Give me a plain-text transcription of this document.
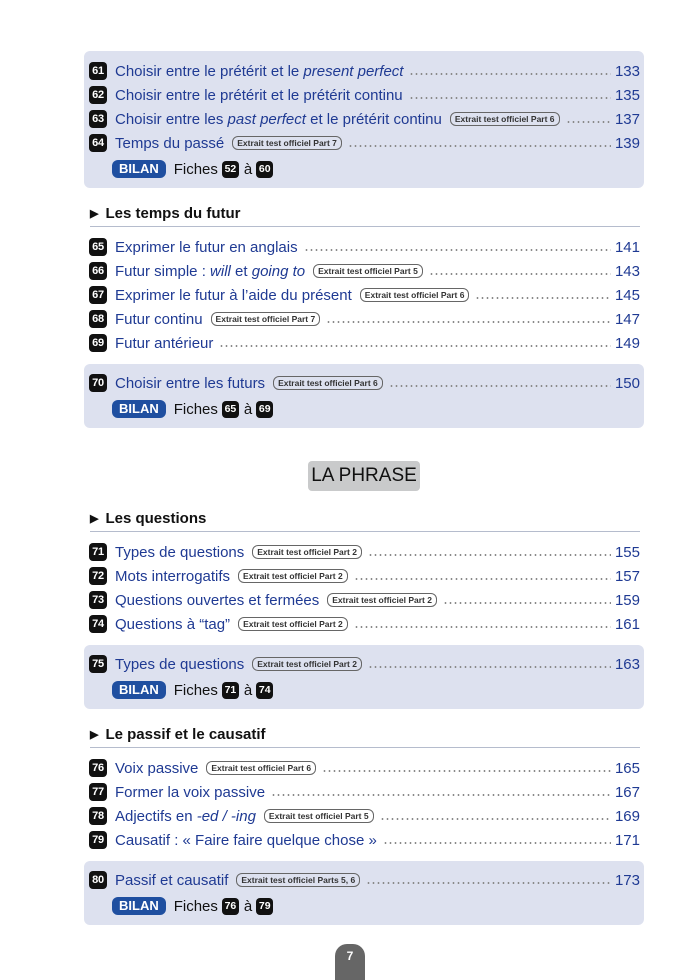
61 Choisir entre le prétérit et le present perfect	133
62 Choisir entre le prétérit et le prétérit continu	135
63 Choisir entre les past perfect et le prétérit continu	Extrait test officiel Part 6	137
64 Temps du passé	Extrait test officiel Part 7	139
BILAN	Fiches 52 à 60
▶ Les temps du futur
65 Exprimer le futur en anglais	141
66 Futur simple : will et going to	Extrait test officiel Part 5	143
67 Exprimer le futur à l’aide du présent	Extrait test officiel Part 6	145
68 Futur continu	Extrait test officiel Part 7	147
69 Futur antérieur	149
70 Choisir entre les futurs	Extrait test officiel Part 6	150
BILAN	Fiches 65 à 69
LA PHRASE
▶ Les questions
71 Types de questions	Extrait test officiel Part 2	155
72 Mots interrogatifs	Extrait test officiel Part 2	157
73 Questions ouvertes et fermées	Extrait test officiel Part 2	159
74 Questions à “tag”	Extrait test officiel Part 2	161
75 Types de questions	Extrait test officiel Part 2	163
BILAN	Fiches 71 à 74
▶ Le passif et le causatif
76 Voix passive	Extrait test officiel Part 6	165
77 Former la voix passive	167
78 Adjectifs en -ed / -ing	Extrait test officiel Part 5	169
79 Causatif : « Faire faire quelque chose »	171
80 Passif et causatif	Extrait test officiel Parts 5, 6	173
BILAN	Fiches 76 à 79
7
